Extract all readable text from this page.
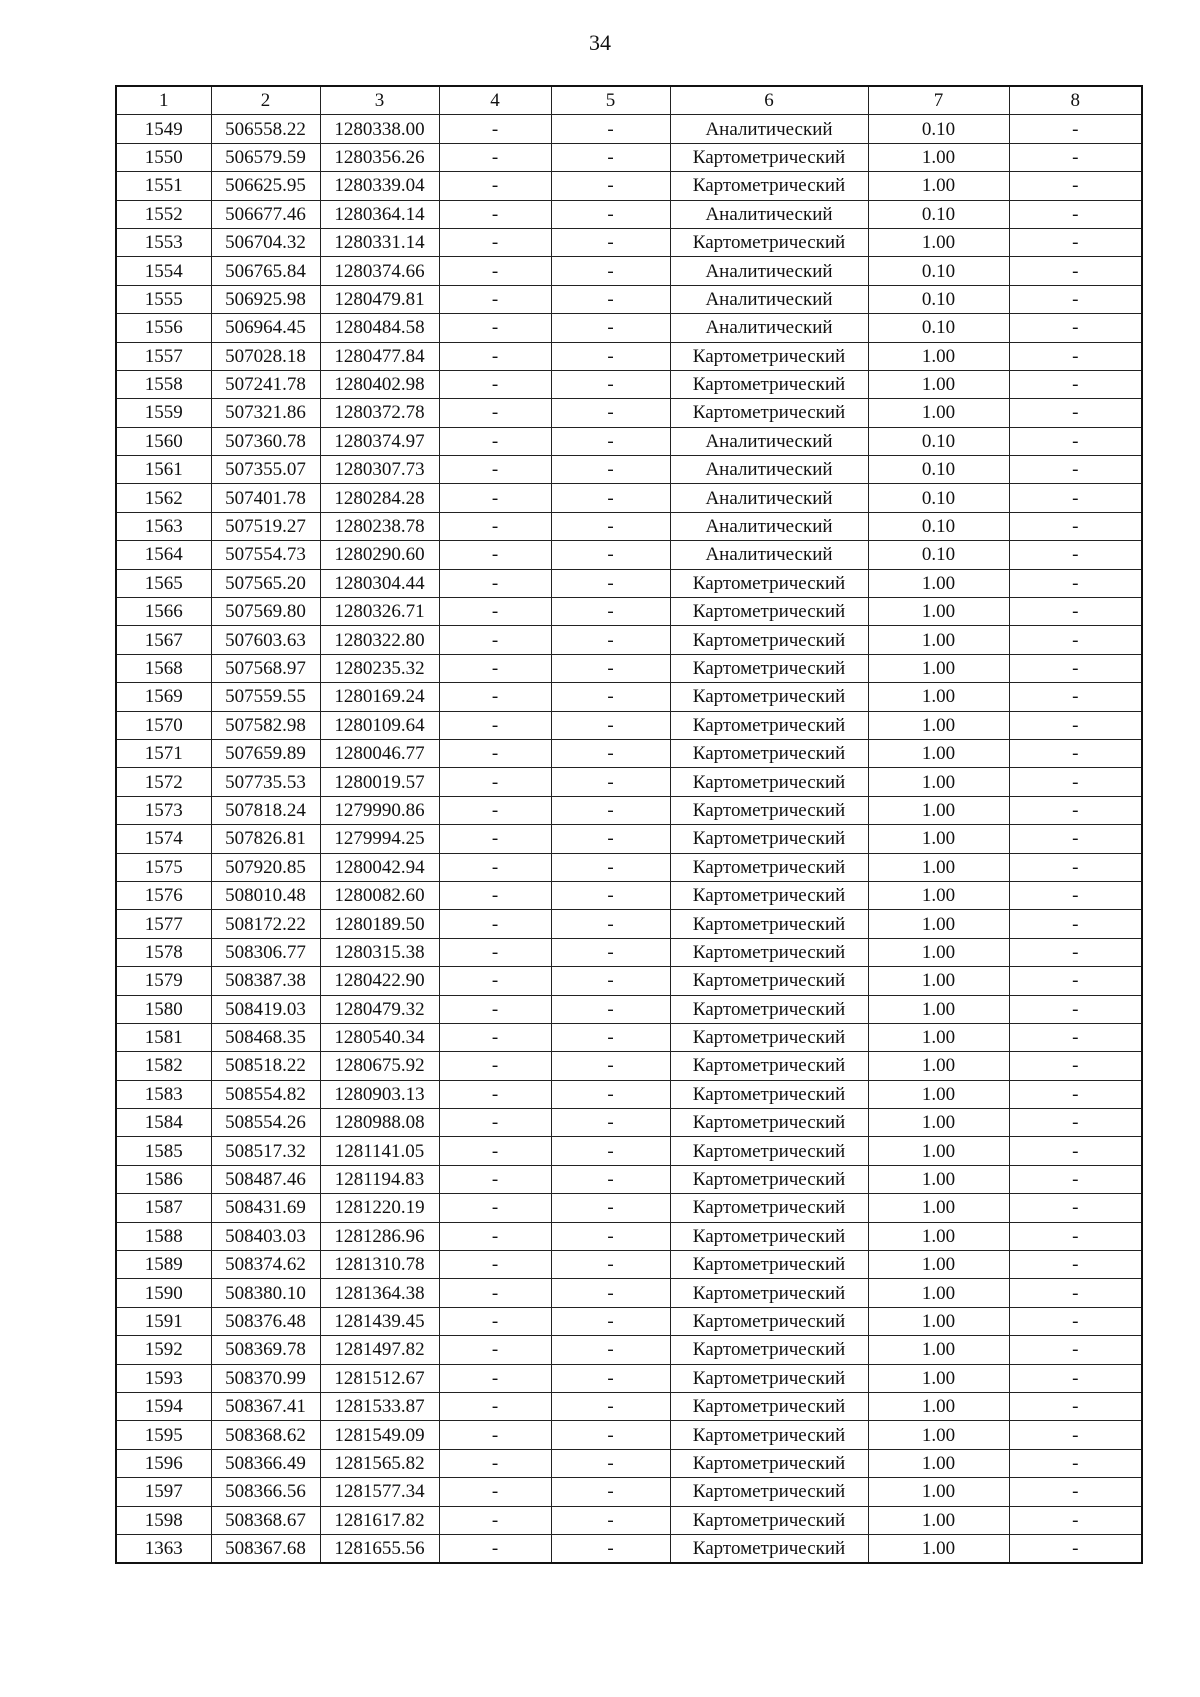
34
1	2	3	4	5	6	7	8
1549	506558.22	1280338.00	-	-	Аналитический	0.10	-
1550	506579.59	1280356.26	-	-	Картометрический	1.00	-
1551	506625.95	1280339.04	-	-	Картометрический	1.00	-
1552	506677.46	1280364.14	-	-	Аналитический	0.10	-
1553	506704.32	1280331.14	-	-	Картометрический	1.00	-
1554	506765.84	1280374.66	-	-	Аналитический	0.10	-
1555	506925.98	1280479.81	-	-	Аналитический	0.10	-
1556	506964.45	1280484.58	-	-	Аналитический	0.10	-
1557	507028.18	1280477.84	-	-	Картометрический	1.00	-
1558	507241.78	1280402.98	-	-	Картометрический	1.00	-
1559	507321.86	1280372.78	-	-	Картометрический	1.00	-
1560	507360.78	1280374.97	-	-	Аналитический	0.10	-
1561	507355.07	1280307.73	-	-	Аналитический	0.10	-
1562	507401.78	1280284.28	-	-	Аналитический	0.10	-
1563	507519.27	1280238.78	-	-	Аналитический	0.10	-
1564	507554.73	1280290.60	-	-	Аналитический	0.10	-
1565	507565.20	1280304.44	-	-	Картометрический	1.00	-
1566	507569.80	1280326.71	-	-	Картометрический	1.00	-
1567	507603.63	1280322.80	-	-	Картометрический	1.00	-
1568	507568.97	1280235.32	-	-	Картометрический	1.00	-
1569	507559.55	1280169.24	-	-	Картометрический	1.00	-
1570	507582.98	1280109.64	-	-	Картометрический	1.00	-
1571	507659.89	1280046.77	-	-	Картометрический	1.00	-
1572	507735.53	1280019.57	-	-	Картометрический	1.00	-
1573	507818.24	1279990.86	-	-	Картометрический	1.00	-
1574	507826.81	1279994.25	-	-	Картометрический	1.00	-
1575	507920.85	1280042.94	-	-	Картометрический	1.00	-
1576	508010.48	1280082.60	-	-	Картометрический	1.00	-
1577	508172.22	1280189.50	-	-	Картометрический	1.00	-
1578	508306.77	1280315.38	-	-	Картометрический	1.00	-
1579	508387.38	1280422.90	-	-	Картометрический	1.00	-
1580	508419.03	1280479.32	-	-	Картометрический	1.00	-
1581	508468.35	1280540.34	-	-	Картометрический	1.00	-
1582	508518.22	1280675.92	-	-	Картометрический	1.00	-
1583	508554.82	1280903.13	-	-	Картометрический	1.00	-
1584	508554.26	1280988.08	-	-	Картометрический	1.00	-
1585	508517.32	1281141.05	-	-	Картометрический	1.00	-
1586	508487.46	1281194.83	-	-	Картометрический	1.00	-
1587	508431.69	1281220.19	-	-	Картометрический	1.00	-
1588	508403.03	1281286.96	-	-	Картометрический	1.00	-
1589	508374.62	1281310.78	-	-	Картометрический	1.00	-
1590	508380.10	1281364.38	-	-	Картометрический	1.00	-
1591	508376.48	1281439.45	-	-	Картометрический	1.00	-
1592	508369.78	1281497.82	-	-	Картометрический	1.00	-
1593	508370.99	1281512.67	-	-	Картометрический	1.00	-
1594	508367.41	1281533.87	-	-	Картометрический	1.00	-
1595	508368.62	1281549.09	-	-	Картометрический	1.00	-
1596	508366.49	1281565.82	-	-	Картометрический	1.00	-
1597	508366.56	1281577.34	-	-	Картометрический	1.00	-
1598	508368.67	1281617.82	-	-	Картометрический	1.00	-
1363	508367.68	1281655.56	-	-	Картометрический	1.00	-
